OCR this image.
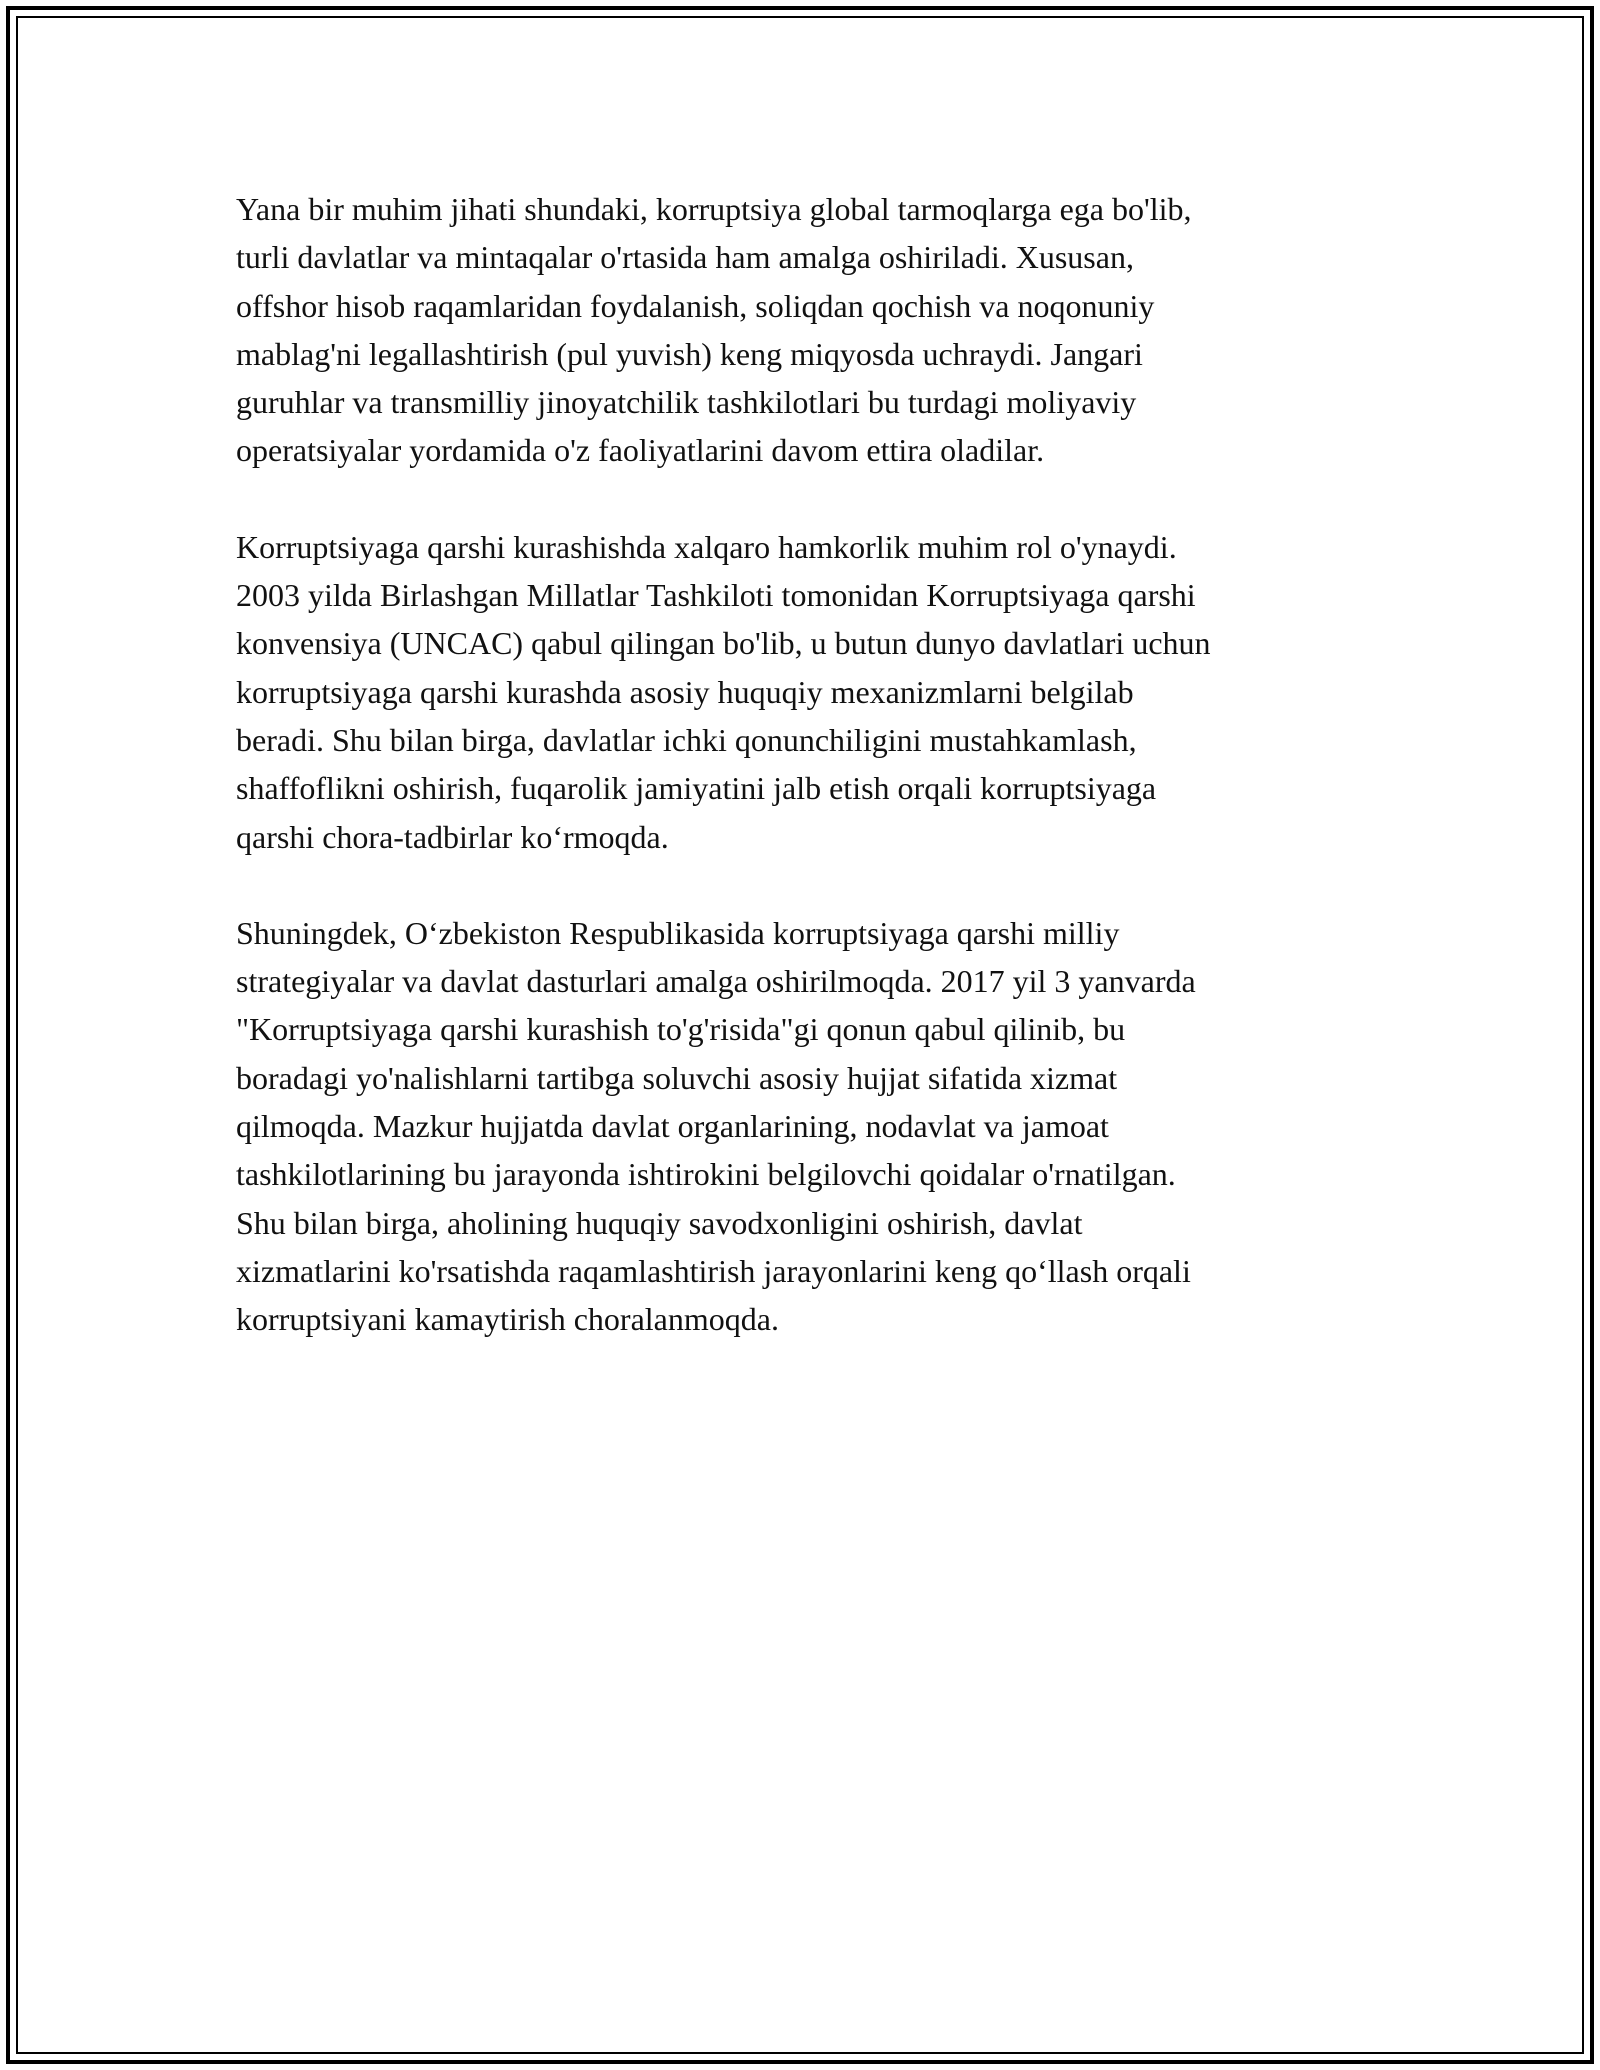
Yana bir muhim jihati shundaki, korruptsiya global tarmoqlarga ega bo'lib,
turli davlatlar va mintaqalar o'rtasida ham amalga oshiriladi. Xususan,
offshor hisob raqamlaridan foydalanish, soliqdan qochish va noqonuniy
mablag'ni legallashtirish (pul yuvish) keng miqyosda uchraydi. Jangari
guruhlar va transmilliy jinoyatchilik tashkilotlari bu turdagi moliyaviy
operatsiyalar yordamida o'z faoliyatlarini davom ettira oladilar.

Korruptsiyaga qarshi kurashishda xalqaro hamkorlik muhim rol o'ynaydi.
2003 yilda Birlashgan Millatlar Tashkiloti tomonidan Korruptsiyaga qarshi
konvensiya (UNCAC) qabul qilingan bo'lib, u butun dunyo davlatlari uchun
korruptsiyaga qarshi kurashda asosiy huquqiy mexanizmlarni belgilab
beradi. Shu bilan birga, davlatlar ichki qonunchiligini mustahkamlash,
shaffoflikni oshirish, fuqarolik jamiyatini jalb etish orqali korruptsiyaga
qarshi chora-tadbirlar ko‘rmoqda.

Shuningdek, O‘zbekiston Respublikasida korruptsiyaga qarshi milliy
strategiyalar va davlat dasturlari amalga oshirilmoqda. 2017 yil 3 yanvarda
"Korruptsiyaga qarshi kurashish to'g'risida"gi qonun qabul qilinib, bu
boradagi yo'nalishlarni tartibga soluvchi asosiy hujjat sifatida xizmat
qilmoqda. Mazkur hujjatda davlat organlarining, nodavlat va jamoat
tashkilotlarining bu jarayonda ishtirokini belgilovchi qoidalar o'rnatilgan.
Shu bilan birga, aholining huquqiy savodxonligini oshirish, davlat
xizmatlarini ko'rsatishda raqamlashtirish jarayonlarini keng qo‘llash orqali
korruptsiyani kamaytirish choralanmoqda.
